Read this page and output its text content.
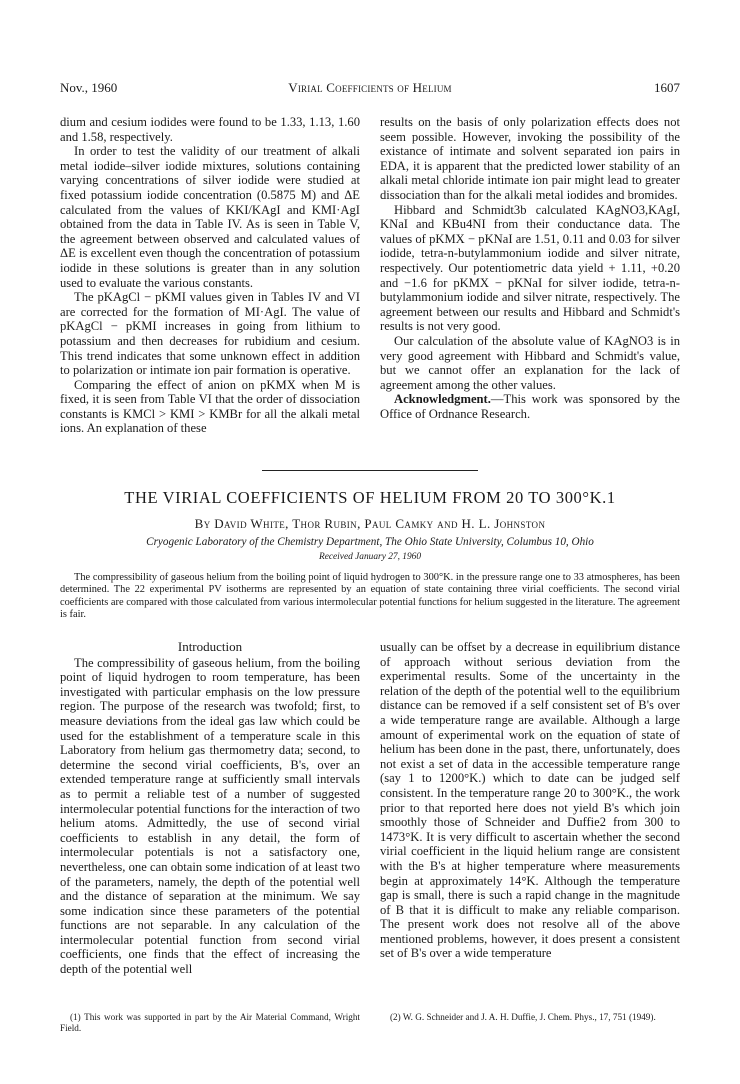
Nov., 1960	Virial Coefficients of Helium	1607

dium and cesium iodides were found to be 1.33, 1.13, 1.60 and 1.58, respectively.

In order to test the validity of our treatment of alkali metal iodide–silver iodide mixtures, solutions containing varying concentrations of silver iodide were studied at fixed potassium iodide concentration (0.5875 M) and ΔE calculated from the values of KKI/KAgI and KMI·AgI obtained from the data in Table IV. As is seen in Table V, the agreement between observed and calculated values of ΔE is excellent even though the concentration of potassium iodide in these solutions is greater than in any solution used to evaluate the various constants.

The pKAgCl − pKMI values given in Tables IV and VI are corrected for the formation of MI·AgI. The value of pKAgCl − pKMI increases in going from lithium to potassium and then decreases for rubidium and cesium. This trend indicates that some unknown effect in addition to polarization or intimate ion pair formation is operative.

Comparing the effect of anion on pKMX when M is fixed, it is seen from Table VI that the order of dissociation constants is KMCl > KMI > KMBr for all the alkali metal ions. An explanation of these

results on the basis of only polarization effects does not seem possible. However, invoking the possibility of the existance of intimate and solvent separated ion pairs in EDA, it is apparent that the predicted lower stability of an alkali metal chloride intimate ion pair might lead to greater dissociation than for the alkali metal iodides and bromides.

Hibbard and Schmidt3b calculated KAgNO3,KAgI, KNaI and KBu4NI from their conductance data. The values of pKMX − pKNaI are 1.51, 0.11 and 0.03 for silver iodide, tetra-n-butylammonium iodide and silver nitrate, respectively. Our potentiometric data yield + 1.11, +0.20 and −1.6 for pKMX − pKNaI for silver iodide, tetra-n-butylammonium iodide and silver nitrate, respectively. The agreement between our results and Hibbard and Schmidt's results is not very good.

Our calculation of the absolute value of KAgNO3 is in very good agreement with Hibbard and Schmidt's value, but we cannot offer an explanation for the lack of agreement among the other values.

Acknowledgment.—This work was sponsored by the Office of Ordnance Research.

THE VIRIAL COEFFICIENTS OF HELIUM FROM 20 TO 300°K.1
By David White, Thor Rubin, Paul Camky and H. L. Johnston
Cryogenic Laboratory of the Chemistry Department, The Ohio State University, Columbus 10, Ohio
Received January 27, 1960

The compressibility of gaseous helium from the boiling point of liquid hydrogen to 300°K. in the pressure range one to 33 atmospheres, has been determined. The 22 experimental PV isotherms are represented by an equation of state containing three virial coefficients. The second virial coefficients are compared with those calculated from various intermolecular potential functions for helium suggested in the literature. The agreement is fair.

Introduction

The compressibility of gaseous helium, from the boiling point of liquid hydrogen to room temperature, has been investigated with particular emphasis on the low pressure region. The purpose of the research was twofold; first, to measure deviations from the ideal gas law which could be used for the establishment of a temperature scale in this Laboratory from helium gas thermometry data; second, to determine the second virial coefficients, B's, over an extended temperature range at sufficiently small intervals as to permit a reliable test of a number of suggested intermolecular potential functions for the interaction of two helium atoms. Admittedly, the use of second virial coefficients to establish in any detail, the form of intermolecular potentials is not a satisfactory one, nevertheless, one can obtain some indication of at least two of the parameters, namely, the depth of the potential well and the distance of separation at the minimum. We say some indication since these parameters of the potential functions are not separable. In any calculation of the intermolecular potential function from second virial coefficients, one finds that the effect of increasing the depth of the potential well

usually can be offset by a decrease in equilibrium distance of approach without serious deviation from the experimental results. Some of the uncertainty in the relation of the depth of the potential well to the equilibrium distance can be removed if a self consistent set of B's over a wide temperature range are available. Although a large amount of experimental work on the equation of state of helium has been done in the past, there, unfortunately, does not exist a set of data in the accessible temperature range (say 1 to 1200°K.) which to date can be judged self consistent. In the temperature range 20 to 300°K., the work prior to that reported here does not yield B's which join smoothly those of Schneider and Duffie2 from 300 to 1473°K. It is very difficult to ascertain whether the second virial coefficient in the liquid helium range are consistent with the B's at higher temperature where measurements begin at approximately 14°K. Although the temperature gap is small, there is such a rapid change in the magnitude of B that it is difficult to make any reliable comparison. The present work does not resolve all of the above mentioned problems, however, it does present a consistent set of B's over a wide temperature

(1) This work was supported in part by the Air Material Command, Wright Field.

(2) W. G. Schneider and J. A. H. Duffie, J. Chem. Phys., 17, 751 (1949).
